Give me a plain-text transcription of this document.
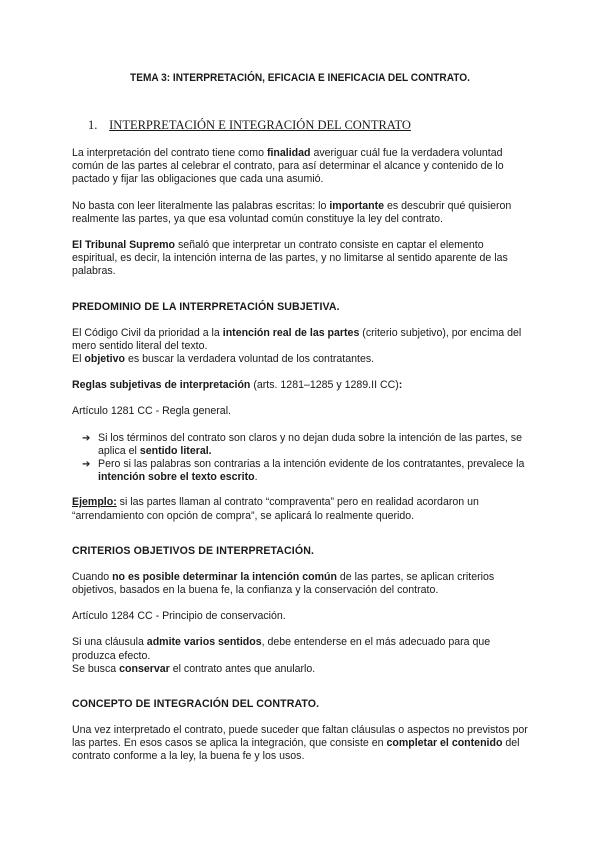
TEMA 3: INTERPRETACIÓN, EFICACIA E INEFICACIA DEL CONTRATO.
1. INTERPRETACIÓN E INTEGRACIÓN DEL CONTRATO

La interpretación del contrato tiene como finalidad averiguar cuál fue la verdadera voluntad común de las partes al celebrar el contrato, para así determinar el alcance y contenido de lo pactado y fijar las obligaciones que cada una asumió.

No basta con leer literalmente las palabras escritas: lo importante es descubrir qué quisieron realmente las partes, ya que esa voluntad común constituye la ley del contrato.

El Tribunal Supremo señaló que interpretar un contrato consiste en captar el elemento espiritual, es decir, la intención interna de las partes, y no limitarse al sentido aparente de las palabras.

PREDOMINIO DE LA INTERPRETACIÓN SUBJETIVA.

El Código Civil da prioridad a la intención real de las partes (criterio subjetivo), por encima del mero sentido literal del texto.

El objetivo es buscar la verdadera voluntad de los contratantes.

Reglas subjetivas de interpretación (arts. 1281–1285 y 1289.II CC):

Artículo 1281 CC - Regla general.

➔ Si los términos del contrato son claros y no dejan duda sobre la intención de las partes, se aplica el sentido literal.
➔ Pero si las palabras son contrarias a la intención evidente de los contratantes, prevalece la intención sobre el texto escrito.

Ejemplo: si las partes llaman al contrato “compraventa” pero en realidad acordaron un “arrendamiento con opción de compra”, se aplicará lo realmente querido.

CRITERIOS OBJETIVOS DE INTERPRETACIÓN.

Cuando no es posible determinar la intención común de las partes, se aplican criterios objetivos, basados en la buena fe, la confianza y la conservación del contrato.

Artículo 1284 CC - Principio de conservación.

Si una cláusula admite varios sentidos, debe entenderse en el más adecuado para que produzca efecto.

Se busca conservar el contrato antes que anularlo.

CONCEPTO DE INTEGRACIÓN DEL CONTRATO.

Una vez interpretado el contrato, puede suceder que faltan cláusulas o aspectos no previstos por las partes. En esos casos se aplica la integración, que consiste en completar el contenido del contrato conforme a la ley, la buena fe y los usos.
